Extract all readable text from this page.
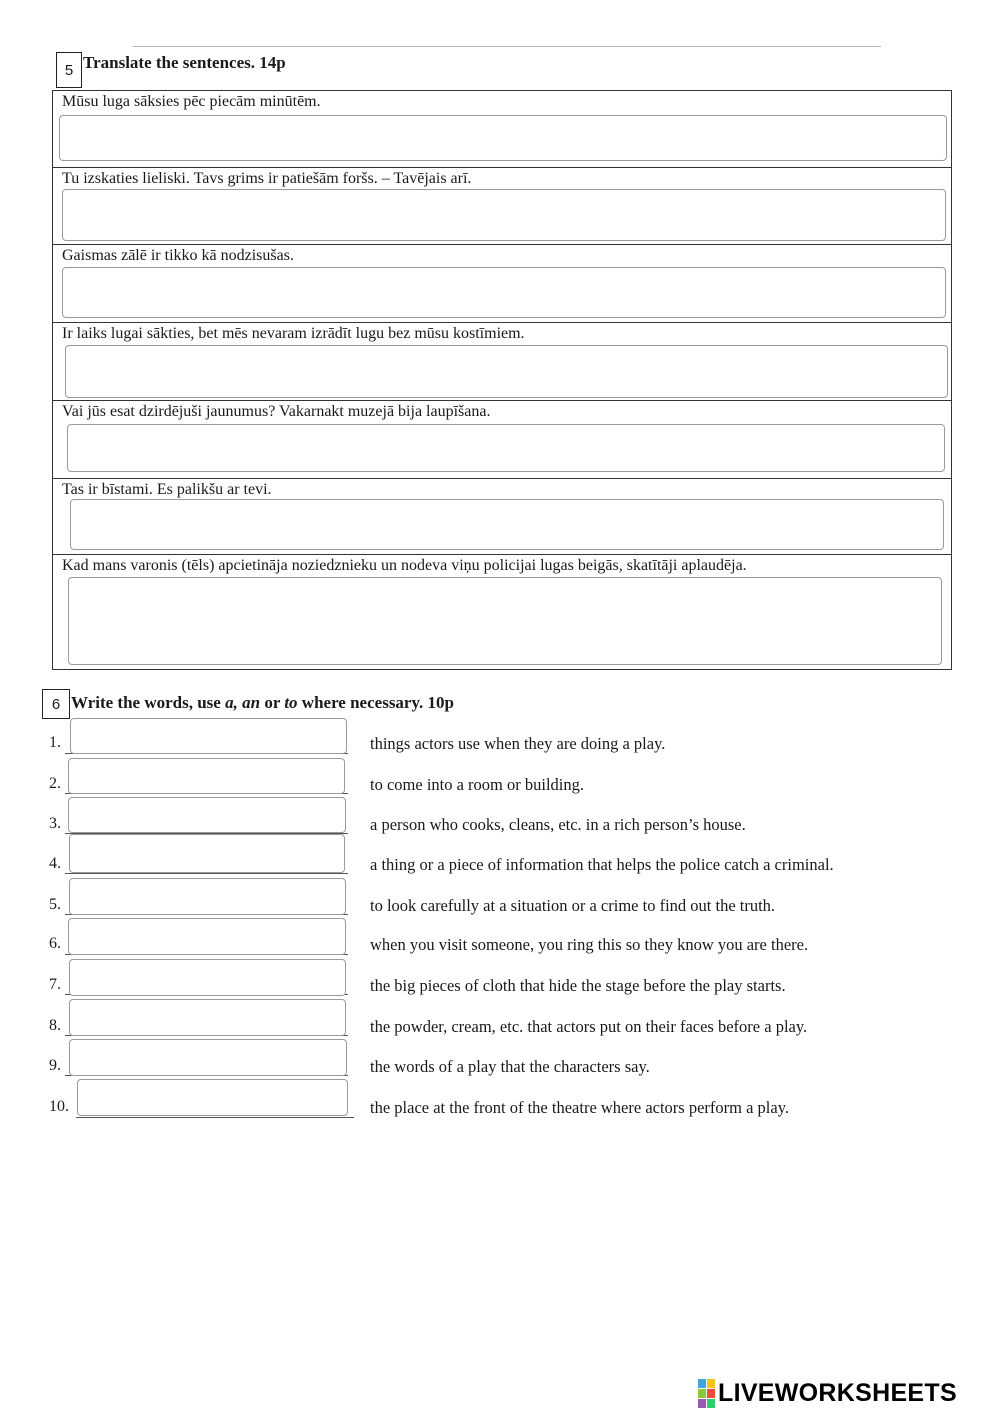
5 Translate the sentences. 14p
Mūsu luga sāksies pēc piecām minūtēm.
Tu izskaties lieliski. Tavs grims ir patiešām foršs. – Tavējais arī.
Gaismas zālē ir tikko kā nodzisušas.
Ir laiks lugai sākties, bet mēs nevaram izrādīt lugu bez mūsu kostīmiem.
Vai jūs esat dzirdējuši jaunumus? Vakarnakt muzejā bija laupīšana.
Tas ir bīstami. Es palikšu ar tevi.
Kad mans varonis (tēls) apcietināja noziedznieku un nodeva viņu policijai lugas beigās, skatītāji aplaudēja.
6 Write the words, use a, an or to where necessary. 10p
1.	things actors use when they are doing a play.
2.	to come into a room or building.
3.	a person who cooks, cleans, etc. in a rich person’s house.
4.	a thing or a piece of information that helps the police catch a criminal.
5.	to look carefully at a situation or a crime to find out the truth.
6.	when you visit someone, you ring this so they know you are there.
7.	the big pieces of cloth that hide the stage before the play starts.
8.	the powder, cream, etc. that actors put on their faces before a play.
9.	the words of a play that the characters say.
10.	the place at the front of the theatre where actors perform a play.
LIVEWORKSHEETS
